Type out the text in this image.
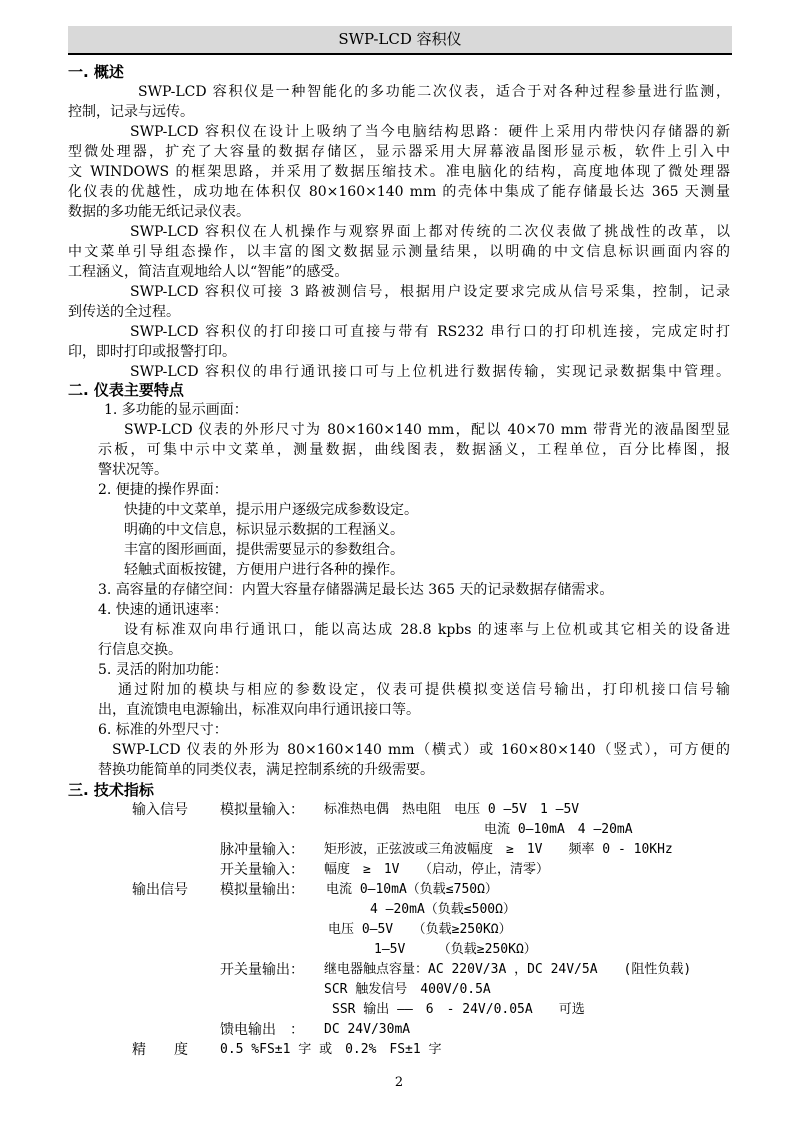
SWP-LCD 容积仪
一. 概述
SWP-LCD 容积仪是一种智能化的多功能二次仪表，适合于对各种过程参量进行监测，
控制，记录与远传。
SWP-LCD 容积仪在设计上吸纳了当今电脑结构思路：硬件上采用内带快闪存储器的新
型微处理器，扩充了大容量的数据存储区，显示器采用大屏幕液晶图形显示板，软件上引入中
文 WINDOWS 的框架思路，并采用了数据压缩技术。准电脑化的结构，高度地体现了微处理器
化仪表的优越性，成功地在体积仅 80×160×140 mm 的壳体中集成了能存储最长达 365 天测量
数据的多功能无纸记录仪表。
SWP-LCD 容积仪在人机操作与观察界面上都对传统的二次仪表做了挑战性的改革，以
中文菜单引导组态操作，以丰富的图文数据显示测量结果，以明确的中文信息标识画面内容的
工程涵义，简洁直观地给人以“智能”的感受。
SWP-LCD 容积仪可接 3 路被测信号，根据用户设定要求完成从信号采集，控制，记录
到传送的全过程。
SWP-LCD 容积仪的打印接口可直接与带有 RS232 串行口的打印机连接，完成定时打
印，即时打印或报警打印。
SWP-LCD 容积仪的串行通讯接口可与上位机进行数据传输，实现记录数据集中管理。
二. 仪表主要特点
1. 多功能的显示画面：
SWP-LCD 仪表的外形尺寸为 80×160×140 mm，配以 40×70 mm 带背光的液晶图型显
示板，可集中示中文菜单，测量数据，曲线图表，数据涵义，工程单位，百分比棒图，报
警状况等。
2. 便捷的操作界面：
快捷的中文菜单，提示用户逐级完成参数设定。
明确的中文信息，标识显示数据的工程涵义。
丰富的图形画面，提供需要显示的参数组合。
轻触式面板按键，方便用户进行各种的操作。
3. 高容量的存储空间：内置大容量存储器满足最长达 365 天的记录数据存储需求。
4. 快速的通讯速率：
设有标准双向串行通讯口，能以高达成 28.8 kpbs 的速率与上位机或其它相关的设备进
行信息交换。
5. 灵活的附加功能：
通过附加的模块与相应的参数设定，仪表可提供模拟变送信号输出，打印机接口信号输
出，直流馈电电源输出，标准双向串行通讯接口等。
6. 标准的外型尺寸：
SWP-LCD 仪表的外形为 80×160×140 mm（横式）或 160×80×140（竖式），可方便的
替换功能简单的同类仪表，满足控制系统的升级需要。
三. 技术指标
输入信号 模拟量输入： 标准热电偶　热电阻　电压 0 —5V　1 —5V
电流 0—10mA　4 —20mA
脉冲量输入： 矩形波，正弦波或三角波幅度　≥　1V　　频率 0 - 10KHz
开关量输入： 幅度　≥　1V　　（启动，停止，清零）
输出信号 模拟量输出： 电流 0—10mA（负载≤750Ω）
4 —20mA（负载≤500Ω）
电压 0—5V　　（负载≥250KΩ）
1—5V　　　（负载≥250KΩ）
开关量输出： 继电器触点容量：AC 220V/3A ，DC 24V/5A　　(阻性负载)
SCR 触发信号　400V/0.5A
SSR 输出 ——　6　- 24V/0.05A　　可选
馈电输出　： DC 24V/30mA
精　　度 0.5 %FS±1 字 或　0.2%　FS±1 字
2
